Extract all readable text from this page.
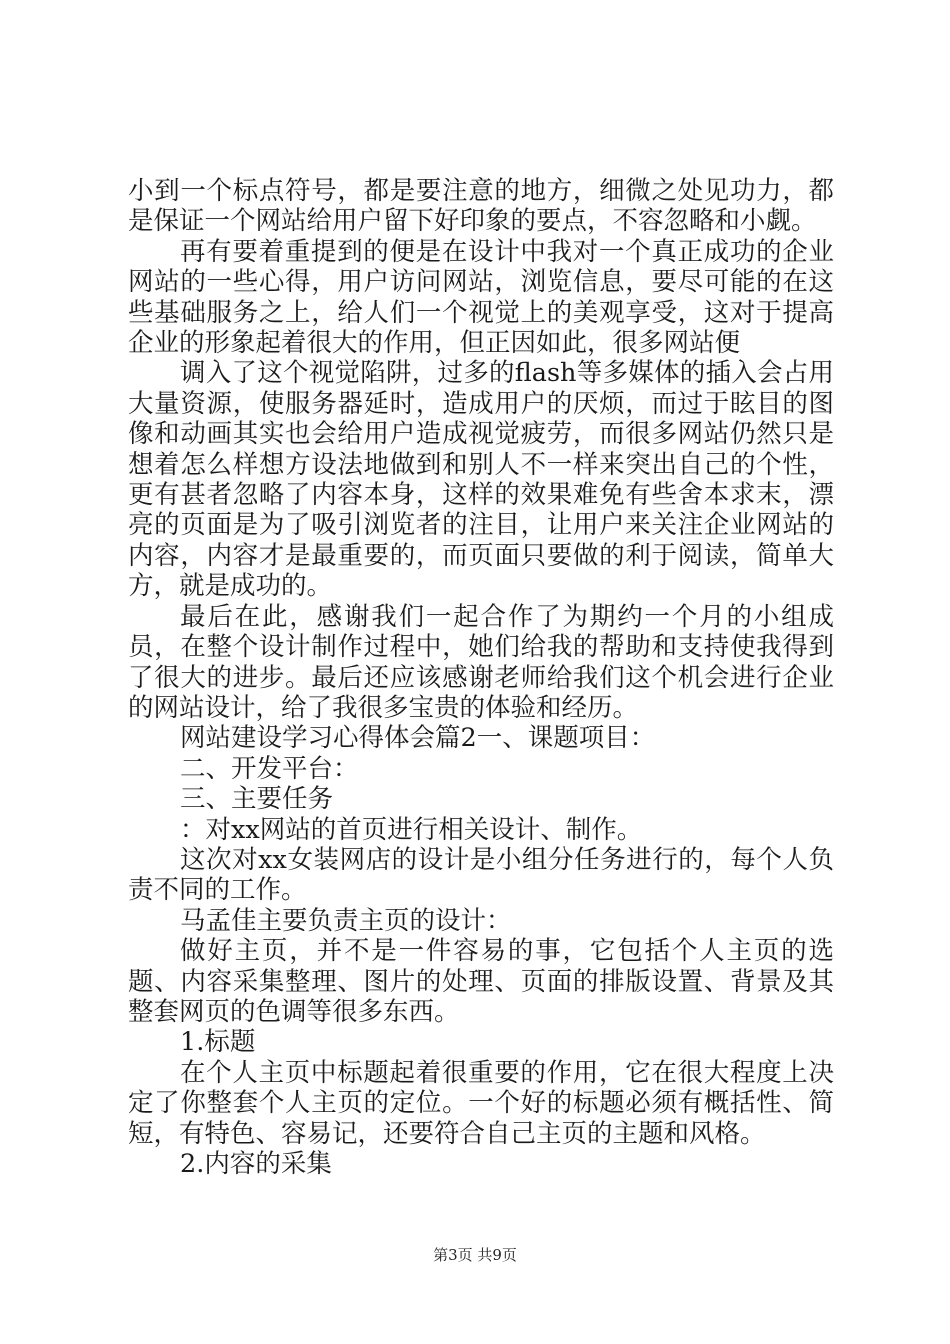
小到一个标点符号，都是要注意的地方，细微之处见功力，都是保证一个网站给用户留下好印象的要点，不容忽略和小觑。

再有要着重提到的便是在设计中我对一个真正成功的企业网站的一些心得，用户访问网站，浏览信息，要尽可能的在这些基础服务之上，给人们一个视觉上的美观享受，这对于提高企业的形象起着很大的作用，但正因如此，很多网站便

调入了这个视觉陷阱，过多的flash等多媒体的插入会占用大量资源，使服务器延时，造成用户的厌烦，而过于眩目的图像和动画其实也会给用户造成视觉疲劳，而很多网站仍然只是想着怎么样想方设法地做到和别人不一样来突出自己的个性，更有甚者忽略了内容本身，这样的效果难免有些舍本求末，漂亮的页面是为了吸引浏览者的注目，让用户来关注企业网站的内容，内容才是最重要的，而页面只要做的利于阅读，简单大方，就是成功的。

最后在此，感谢我们一起合作了为期约一个月的小组成员，在整个设计制作过程中，她们给我的帮助和支持使我得到了很大的进步。最后还应该感谢老师给我们这个机会进行企业的网站设计，给了我很多宝贵的体验和经历。

网站建设学习心得体会篇2一、课题项目：

二、开发平台：

三、主要任务

：对xx网站的首页进行相关设计、制作。

这次对xx女装网店的设计是小组分任务进行的，每个人负责不同的工作。

马孟佳主要负责主页的设计：

做好主页，并不是一件容易的事，它包括个人主页的选题、内容采集整理、图片的处理、页面的排版设置、背景及其整套网页的色调等很多东西。

1.标题

在个人主页中标题起着很重要的作用，它在很大程度上决定了你整套个人主页的定位。一个好的标题必须有概括性、简短，有特色、容易记，还要符合自己主页的主题和风格。

2.内容的采集

第3页 共9页
